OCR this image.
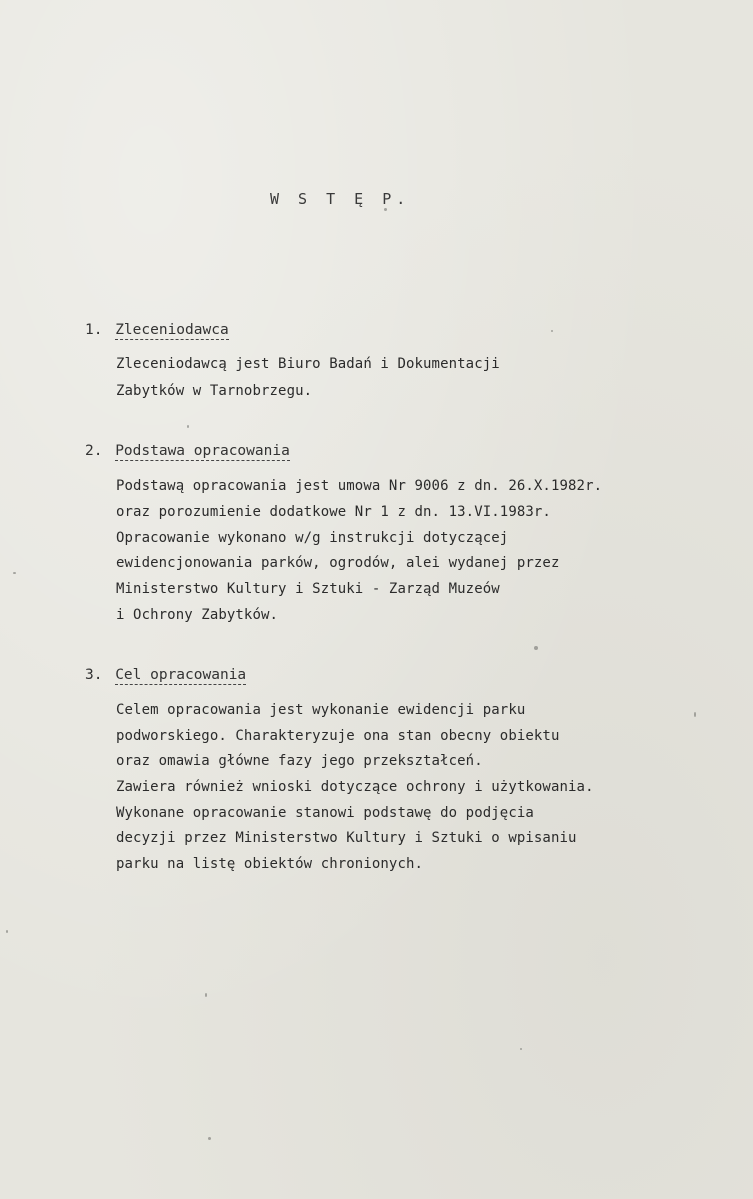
W S T Ę P.
1. Zleceniodawca
Zleceniodawcą jest Biuro Badań i Dokumentacji
Zabytków w Tarnobrzegu.
2. Podstawa opracowania
Podstawą opracowania jest umowa Nr 9006 z dn. 26.X.1982r.
oraz porozumienie dodatkowe Nr 1 z dn. 13.VI.1983r.
Opracowanie wykonano w/g instrukcji dotyczącej
ewidencjonowania parków, ogrodów, alei wydanej przez
Ministerstwo Kultury i Sztuki - Zarząd Muzeów
i Ochrony Zabytków.
3. Cel opracowania
Celem opracowania jest wykonanie ewidencji parku
podworskiego. Charakteryzuje ona stan obecny obiektu
oraz omawia główne fazy jego przekształceń.
Zawiera również wnioski dotyczące ochrony i użytkowania.
Wykonane opracowanie stanowi podstawę do podjęcia
decyzji przez Ministerstwo Kultury i Sztuki o wpisaniu
parku na listę obiektów chronionych.
